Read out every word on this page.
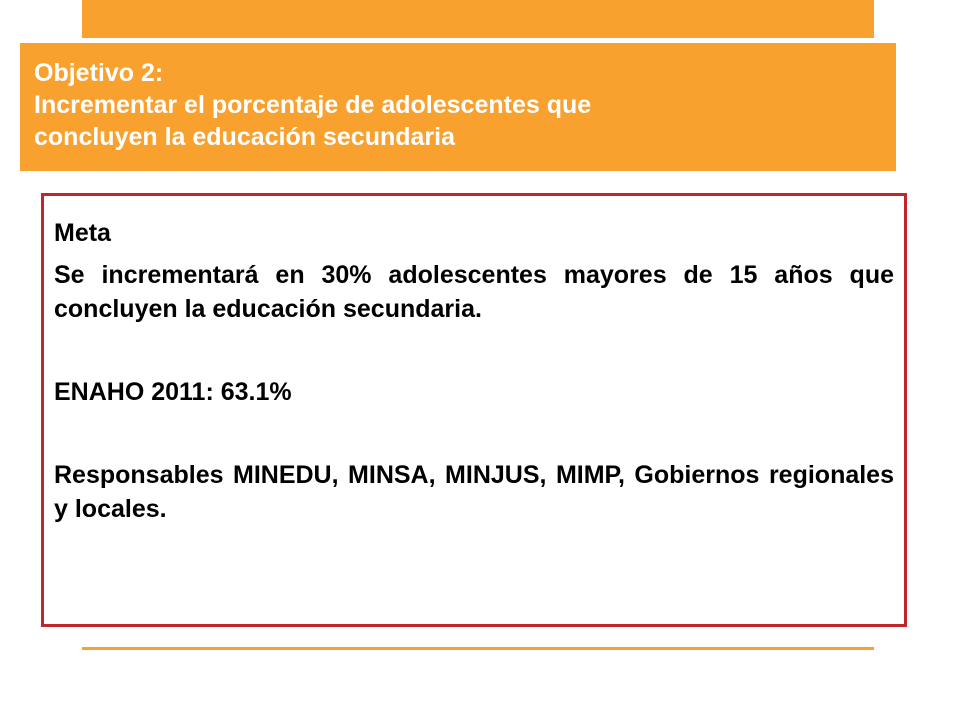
Objetivo 2:
Incrementar el porcentaje de adolescentes que
concluyen la educación secundaria

Meta

Se incrementará en 30% adolescentes mayores de 15 años que concluyen la educación secundaria.

ENAHO 2011: 63.1%

Responsables MINEDU, MINSA, MINJUS, MIMP, Gobiernos regionales y locales.
